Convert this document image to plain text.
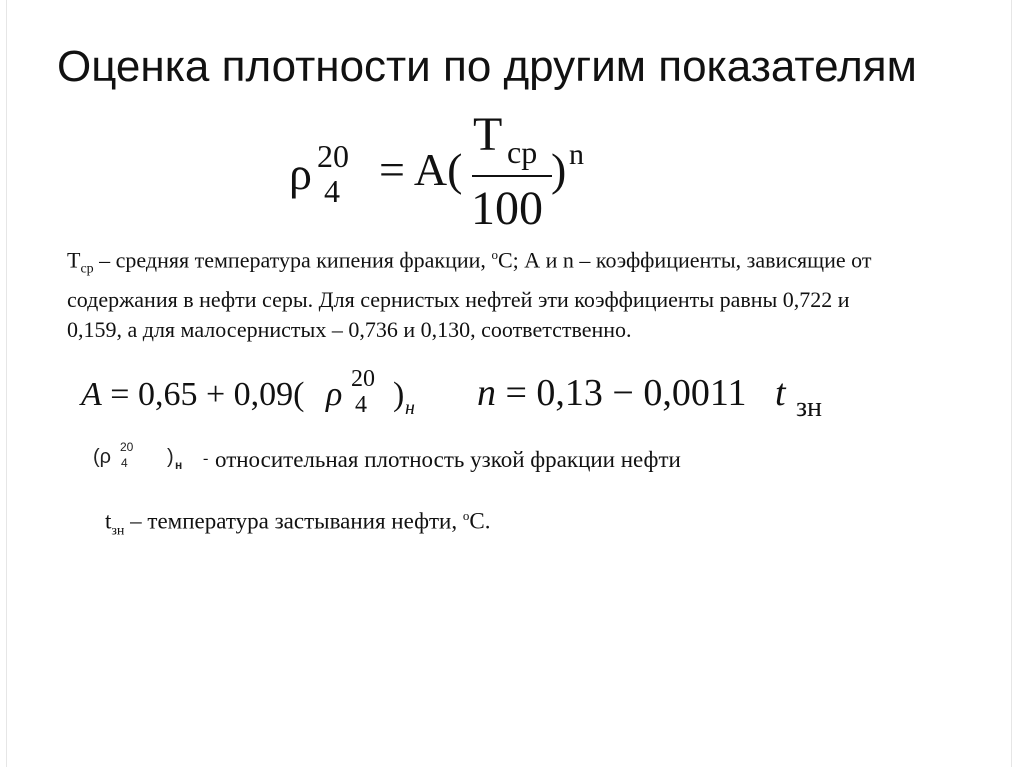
Оценка плотности по другим показателям
ρ 20
4 = A(
T ср
100
) n
$T_{ср}$ – средняя температура кипения фракции, $^о$С; А и n – коэффициенты, зависящие от содержания в нефти серы. Для сернистых нефтей эти коэффициенты равны 0,722 и 0,159, а для малосернистых – 0,736 и 0,130, соответственно.
A = 0,65 + 0,09( ρ 20
4 ) н n = 0,13 − 0,0011 t зн
(ρ 20
4 ) н - относительная плотность узкой фракции нефти
$t_{зн}$ – температура застывания нефти, $^о$С.
